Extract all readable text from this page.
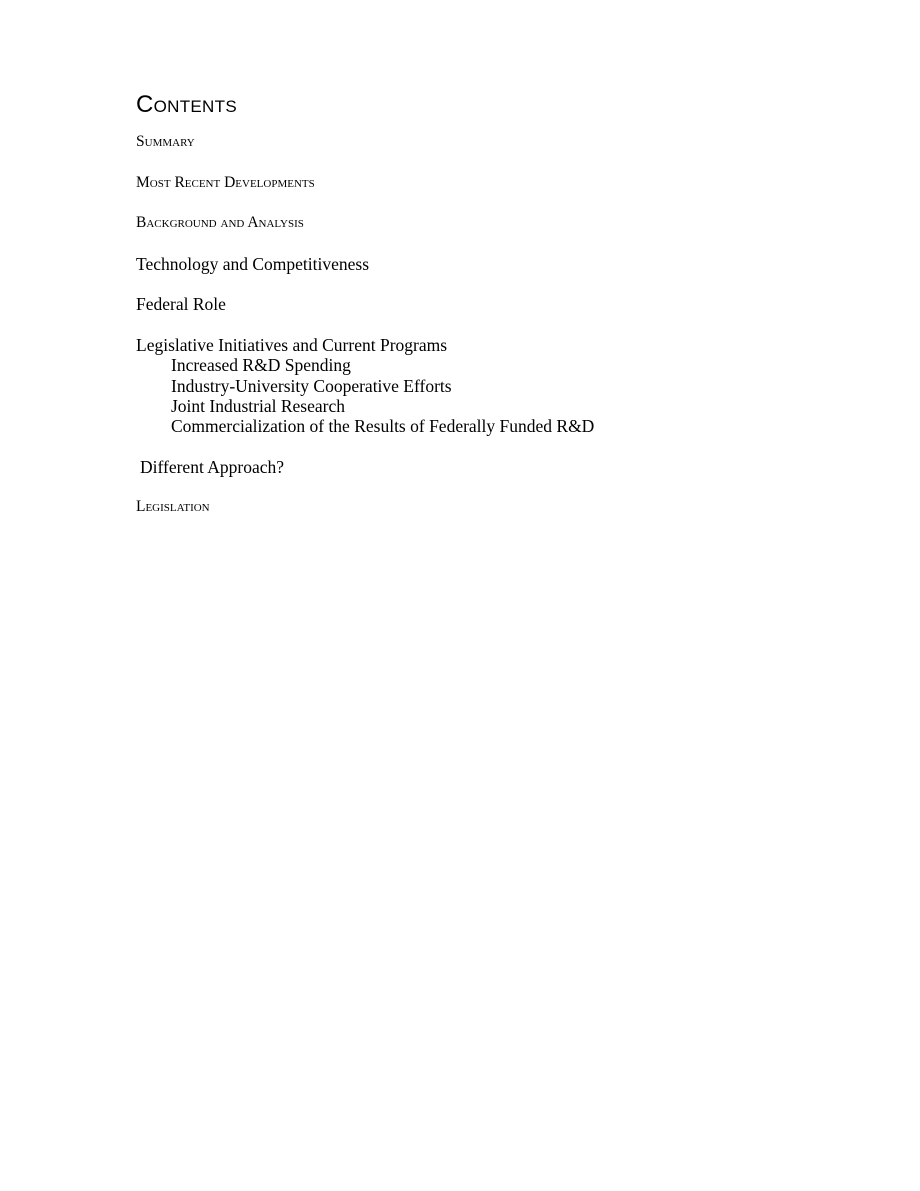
Contents

Summary

Most Recent Developments

Background and Analysis

Technology and Competitiveness

Federal Role

Legislative Initiatives and Current Programs

Increased R&D Spending

Industry-University Cooperative Efforts

Joint Industrial Research

Commercialization of the Results of Federally Funded R&D

Different Approach?

Legislation
